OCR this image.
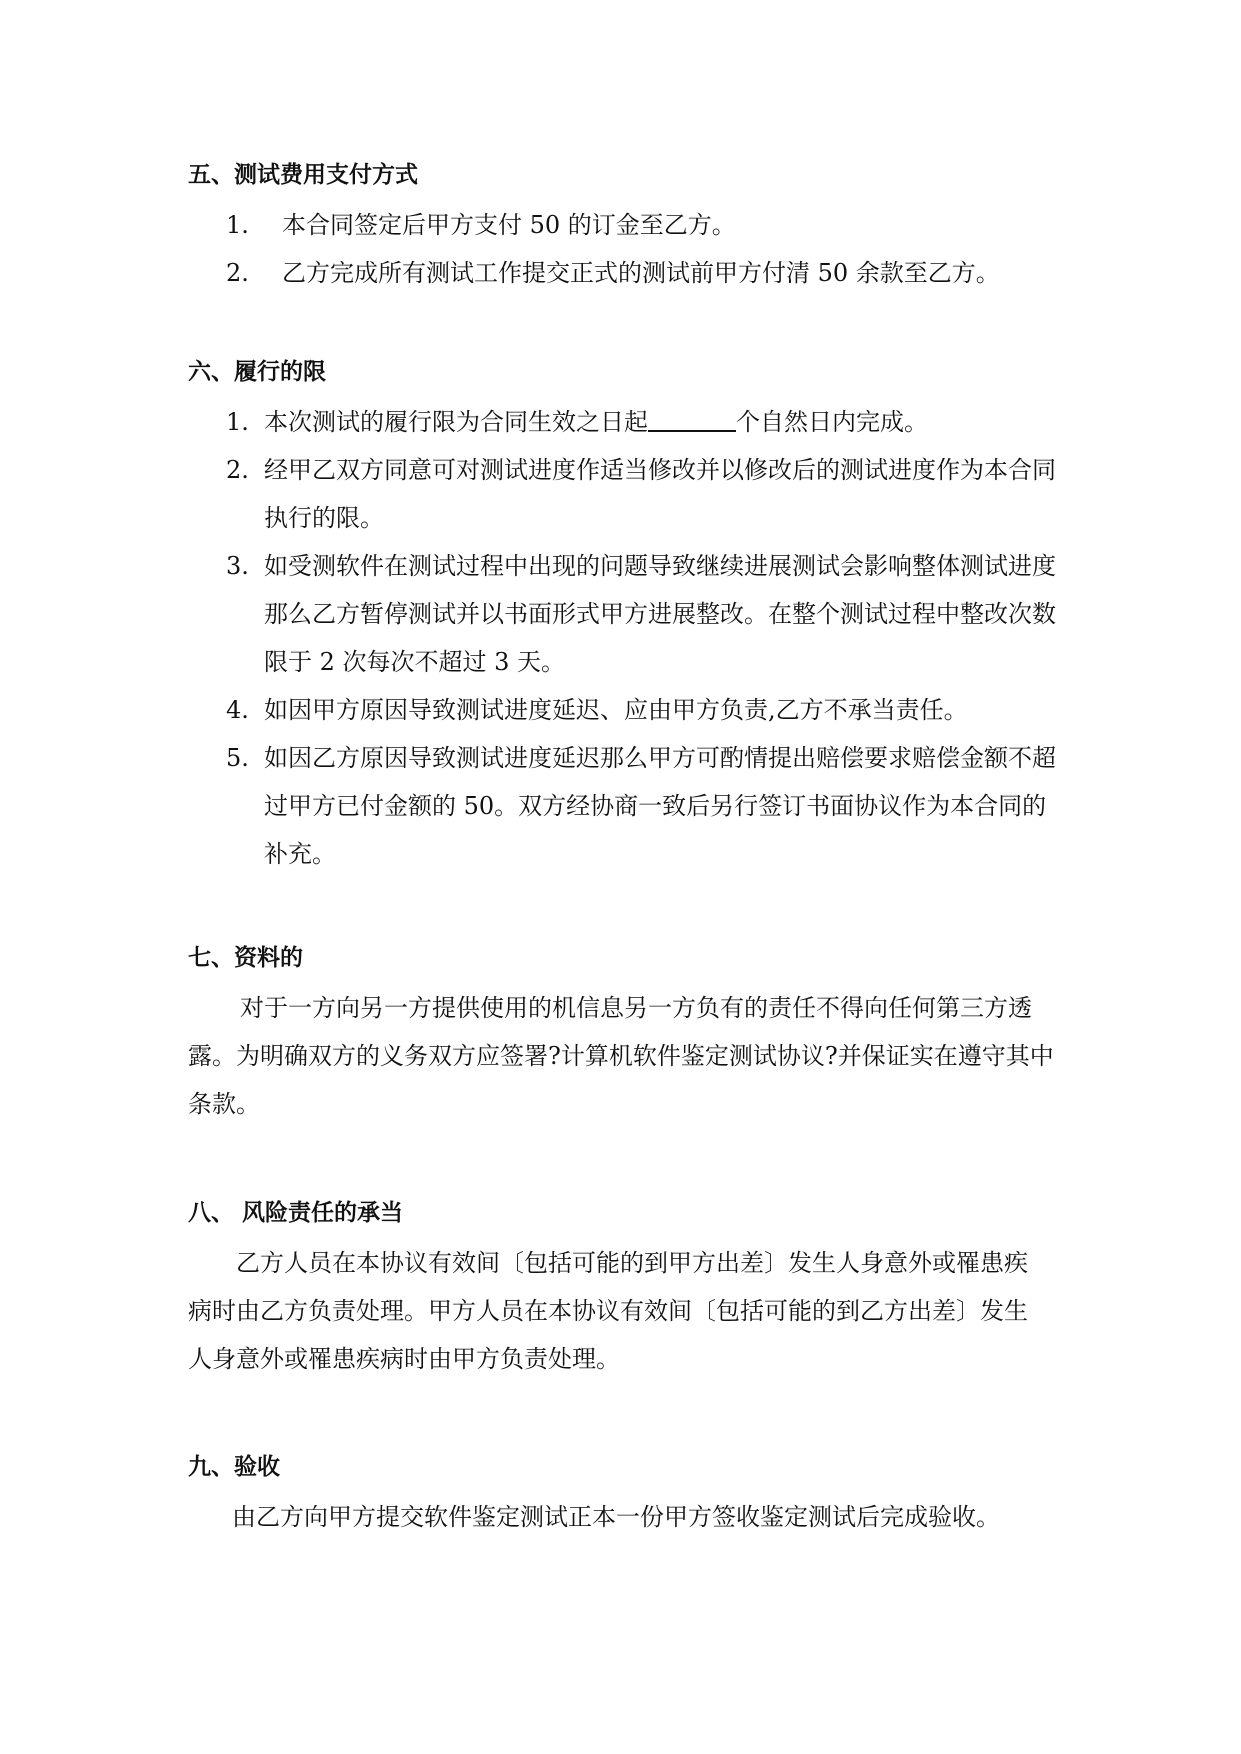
五、测试费用支付方式
1. 本合同签定后甲方支付 50 的订金至乙方。
2. 乙方完成所有测试工作提交正式的测试前甲方付清 50 余款至乙方。
六、履行的限
1. 本次测试的履行限为合同生效之日起	个自然日内完成。
2. 经甲乙双方同意可对测试进度作适当修改并以修改后的测试进度作为本合同执行的限。
3. 如受测软件在测试过程中出现的问题导致继续进展测试会影响整体测试进度那么乙方暂停测试并以书面形式甲方进展整改。在整个测试过程中整改次数限于 2 次每次不超过 3 天。
4. 如因甲方原因导致测试进度延迟、应由甲方负责,乙方不承当责任。
5. 如因乙方原因导致测试进度延迟那么甲方可酌情提出赔偿要求赔偿金额不超过甲方已付金额的 50。双方经协商一致后另行签订书面协议作为本合同的补充。
七、资料的

对于一方向另一方提供使用的机信息另一方负有的责任不得向任何第三方透露。为明确双方的义务双方应签署?计算机软件鉴定测试协议?并保证实在遵守其中条款。

八、 风险责任的承当

乙方人员在本协议有效间〔包括可能的到甲方出差〕发生人身意外或罹患疾病时由乙方负责处理。甲方人员在本协议有效间〔包括可能的到乙方出差〕发生人身意外或罹患疾病时由甲方负责处理。

九、验收

由乙方向甲方提交软件鉴定测试正本一份甲方签收鉴定测试后完成验收。
